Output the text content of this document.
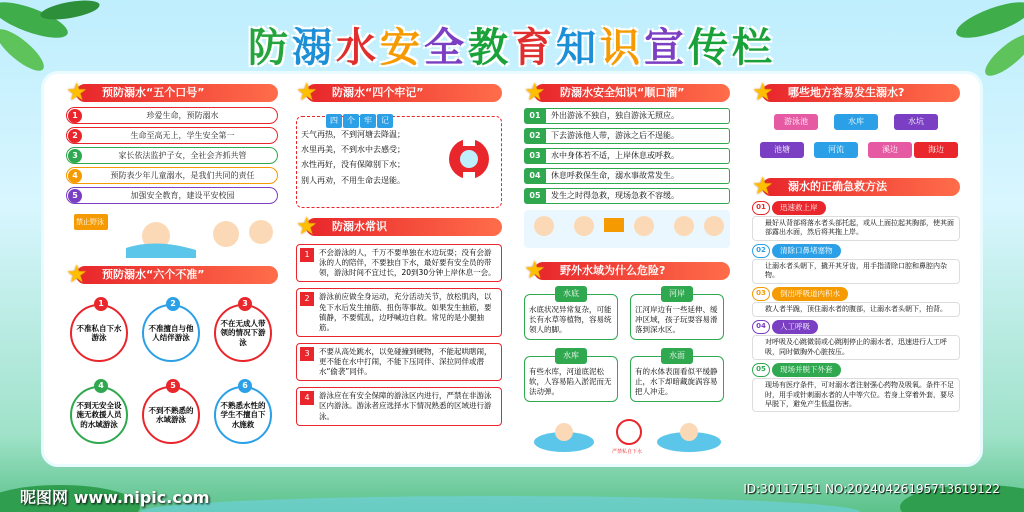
防溺水安全教育知识宣传栏
★	预防溺水“五个口号”
1	珍爱生命，预防溺水
2	生命至高无上，学生安全第一
3	家长依法监护子女，全社会齐抓共管
4	预防表少年儿童溺水，是我们共同的责任
5	加强安全教育，建设平安校园
禁止野泳
★	预防溺水“六个不准”
不准私自下水游泳
1
不准擅自与他人结伴游泳
2
不在无成人带领的情况下游泳
3
不到无安全设施无救援人员的水域游泳
4
不到不熟悉的水域游泳
5
不熟悉水性的学生不擅自下水施救
6
★	防溺水“四个牢记”
四 个 牢 记
天气再热，不到河塘去降温；
水里再美，不到水中去感受；
水性再好，没有保障别下水；
别人再劝，不用生命去逞能。
★	防溺水常识
1	不会游泳的人，千万不要单独在水边玩耍；没有会游泳的人的陪伴，不要独自下水，最好要有安全员的带领，游泳时间不宜过长，20到30分钟上岸休息一会。
2	游泳前应做全身运动，充分活动关节，放松肌肉，以免下水后发生抽筋、扭伤等事故。如果发生抽筋，要镇静，不要慌乱，边呼喊边自救。常见的是小腿抽筋。
3	不要从高处跳水，以免碰撞到硬物，不能起哄瞎闹，更不能在水中打闹，不能下压同伴、深拉同伴或潜水“偷袭”同伴。
4	游泳应在有安全保障的游泳区内进行，严禁在非游泳区内游泳。游泳者应选择水下情况熟悉的区域进行游泳。
★	防溺水安全知识“顺口溜”
01	外出游泳不独自，独自游泳无照应。
02	下去游泳他人带，游泳之后不逞能。
03	水中身体若不适，上岸休息或呼救。
04	休息呼救保生命，溺水事故常发生。
05	发生之时得急救，现场急救不容缓。
★	野外水域为什么危险?
水底
水底状况异常复杂，可能长有水草等植物，容易统领人的脚。
河岸
江河岸边有一些延伸、缓冲区域，孩子玩耍容易滑落到深水区。
水库
有些水库，河道底泥松软，人容易陷入淤泥而无法动弹。
水面
有的水体表面看似平缓静止，水下却暗藏旋涡容易把人冲走。
严禁私自下水
★	哪些地方容易发生溺水?
游泳池	水库	水坑
池塘	河流	溪边	海边
★	溺水的正确急救方法
01	迅速救上岸
最好从背部将落水者头部托起，或从上面拉起其胸部，使其面部露出水面，然后将其拖上岸。
02	清除口鼻堵塞物
让溺水者头朝下，撬开其牙齿，用手指清除口腔和鼻腔内杂物。
03	倒出呼吸道内积水
救人者半跪，顶住溺水者的腹部，让溺水者头朝下，拍背。
04	人工呼吸
对呼吸及心跳微弱或心跳刚停止的溺水者，迅速进行人工呼吸，同时做胸外心脏按压。
05	现场并脱下外套
现场有医疗条件，可对溺水者注射强心药物及吸氧。条件不足时，用手或针刺溺水者的人中等穴位。若身上穿着外套，要尽早脱下，避免产生低温伤害。
昵图网 www.nipic.com	ID:30117151 NO:20240426195713619122
